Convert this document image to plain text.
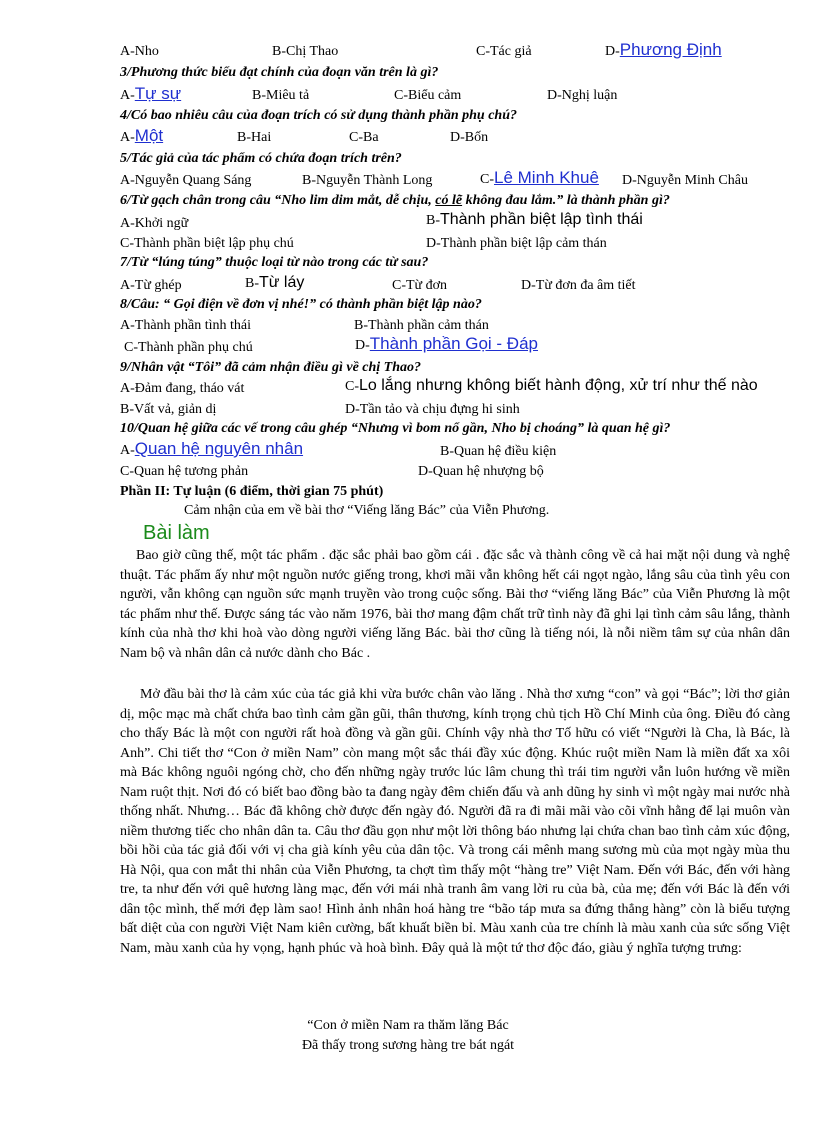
A-Nho	B-Chị Thao	C-Tác giả	D-Phương Định
3/Phương thức biểu đạt chính của đoạn văn trên là gì?
A-Tự sự	B-Miêu tả	C-Biểu cảm	D-Nghị luận
4/Có bao nhiêu câu của đoạn trích có sử dụng thành phần phụ chú?
A-Một	B-Hai	C-Ba	D-Bốn
5/Tác giả của tác phẩm có chứa đoạn trích trên?
A-Nguyễn Quang Sáng	B-Nguyễn Thành Long	C-Lê Minh Khuê D-Nguyễn Minh Châu
6/Từ gạch chân trong câu “Nho lim dim mắt, dễ chịu, có lẽ không đau lắm.” là thành phần gì?
A-Khởi ngữ	B-Thành phần biệt lập tình thái
C-Thành phần biệt lập phụ chú	D-Thành phần biệt lập cảm thán
7/Từ “lúng túng” thuộc loại từ nào trong các từ sau?
A-Từ ghép	B-Từ láy	C-Từ đơn	D-Từ đơn đa âm tiết
8/Câu: “ Gọi điện về đơn vị nhé!” có thành phần biệt lập nào?
A-Thành phần tình thái	B-Thành phần cảm thán
C-Thành phần phụ chú	D-Thành phần Gọi - Đáp
9/Nhân vật “Tôi” đã cảm nhận điều gì về chị Thao?
A-Đảm đang, tháo vát	C-Lo lắng nhưng không biết hành động, xử trí như thế nào
B-Vất vả, giản dị	D-Tần tảo và chịu đựng hi sinh
10/Quan hệ giữa các vế trong câu ghép “Nhưng vì bom nổ gần, Nho bị choáng” là quan hệ gì?
A-Quan hệ nguyên nhân	B-Quan hệ điều kiện
C-Quan hệ tương phản	D-Quan hệ nhượng bộ
Phần II: Tự luận (6 điểm, thời gian 75 phút)
Cảm nhận của em về bài thơ “Viếng lăng Bác” của Viễn Phương.
Bài làm

Bao giờ cũng thế, một tác phẩm . đặc sắc phải bao gồm cái . đặc sắc và thành công về cả hai mặt nội dung và nghệ thuật. Tác phẩm ấy như một nguồn nước giếng trong, khơi mãi vẫn không hết cái ngọt ngào, lắng sâu của tình yêu con người, vẫn không cạn nguồn sức mạnh truyền vào trong cuộc sống. Bài thơ “viếng lăng Bác” của Viễn Phương là một tác phẩm như thế. Được sáng tác vào năm 1976, bài thơ mang đậm chất trữ tình này đã ghi lại tình cảm sâu lắng, thành kính của nhà thơ khi hoà vào dòng người viếng lăng Bác. bài thơ cũng là tiếng nói, là nỗi niềm tâm sự của nhân dân Nam bộ và nhân dân cả nước dành cho Bác .

Mở đầu bài thơ là cảm xúc của tác giả khi vừa bước chân vào lăng . Nhà thơ xưng “con” và gọi “Bác”; lời thơ giản dị, mộc mạc mà chất chứa bao tình cảm gần gũi, thân thương, kính trọng chủ tịch Hồ Chí Minh của ông. Điều đó càng cho thấy Bác là một con người rất hoà đồng và gần gũi. Chính vậy nhà thơ Tố hữu có viết “Người là Cha, là Bác, là Anh”. Chi tiết thơ “Con ở miền Nam” còn mang một sắc thái đầy xúc động. Khúc ruột miền Nam là miền đất xa xôi mà Bác không nguôi ngóng chờ, cho đến những ngày trước lúc lâm chung thì trái tim người vẫn luôn hướng về miền Nam ruột thịt. Nơi đó có biết bao đồng bào ta đang ngày đêm chiến đấu và anh dũng hy sinh vì một ngày mai nước nhà thống nhất. Nhưng… Bác đã không chờ được đến ngày đó. Người đã ra đi mãi mãi vào cõi vĩnh hằng để lại muôn vàn niềm thương tiếc cho nhân dân ta. Câu thơ đầu gọn như một lời thông báo nhưng lại chứa chan bao tình cảm xúc động, bồi hồi của tác giả đối với vị cha già kính yêu của dân tộc. Và trong cái mênh mang sương mù của mọt ngày mùa thu Hà Nội, qua con mắt thi nhân của Viễn Phương, ta chợt tìm thấy một “hàng tre” Việt Nam. Đến với Bác, đến với hàng tre, ta như đến với quê hương làng mạc, đến với mái nhà tranh âm vang lời ru của bà, của mẹ; đến với Bác là đến với dân tộc mình, thế mới đẹp làm sao! Hình ảnh nhân hoá hàng tre “bão táp mưa sa đứng thẳng hàng” còn là biểu tượng bất diệt của con người Việt Nam kiên cường, bất khuất biền bỉ. Màu xanh của tre chính là màu xanh của sức sống Việt Nam, màu xanh của hy vọng, hạnh phúc và hoà bình. Đây quả là một tứ thơ độc đáo, giàu ý nghĩa tượng trưng:

“Con ở miền Nam ra thăm lăng Bác
Đã thấy trong sương hàng tre bát ngát
